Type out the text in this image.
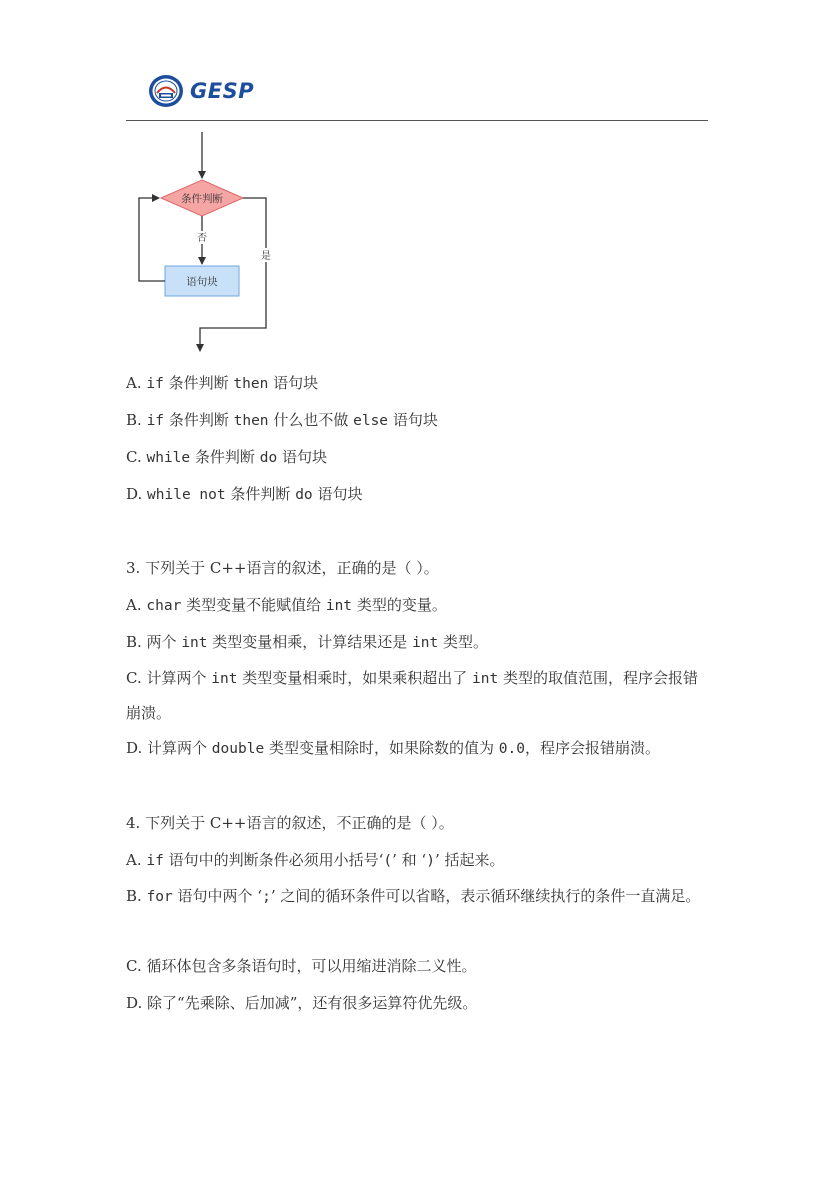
GESP
条件判断
否
语句块
是
A. if 条件判断 then 语句块
B. if 条件判断 then 什么也不做 else 语句块
C. while 条件判断 do 语句块
D. while not 条件判断 do 语句块
3. 下列关于 C++语言的叙述，正确的是（ ）。
A. char 类型变量不能赋值给 int 类型的变量。
B. 两个 int 类型变量相乘，计算结果还是 int 类型。
C. 计算两个 int 类型变量相乘时，如果乘积超出了 int 类型的取值范围，程序会报错崩溃。
D. 计算两个 double 类型变量相除时，如果除数的值为 0.0，程序会报错崩溃。
4. 下列关于 C++语言的叙述，不正确的是（ ）。
A. if 语句中的判断条件必须用小括号‘(’ 和 ‘)’ 括起来。
B. for 语句中两个 ‘;’ 之间的循环条件可以省略，表示循环继续执行的条件一直满足。
C. 循环体包含多条语句时，可以用缩进消除二义性。
D. 除了“先乘除、后加减”，还有很多运算符优先级。
